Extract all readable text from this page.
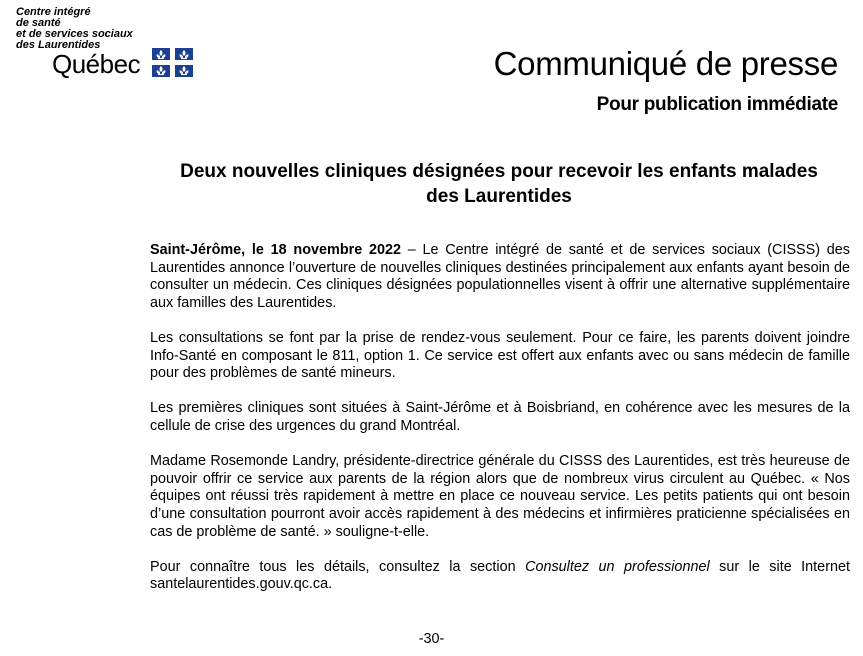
Centre intégré
de santé
et de services sociaux
des Laurentides
Québec	Communiqué de presse
Pour publication immédiate
Deux nouvelles cliniques désignées pour recevoir les enfants malades
des Laurentides

Saint-Jérôme, le 18 novembre 2022 – Le Centre intégré de santé et de services sociaux (CISSS) des Laurentides annonce l’ouverture de nouvelles cliniques destinées principalement aux enfants ayant besoin de consulter un médecin. Ces cliniques désignées populationnelles visent à offrir une alternative supplémentaire aux familles des Laurentides.

Les consultations se font par la prise de rendez-vous seulement. Pour ce faire, les parents doivent joindre Info-Santé en composant le 811, option 1. Ce service est offert aux enfants avec ou sans médecin de famille pour des problèmes de santé mineurs.

Les premières cliniques sont situées à Saint-Jérôme et à Boisbriand, en cohérence avec les mesures de la cellule de crise des urgences du grand Montréal.

Madame Rosemonde Landry, présidente-directrice générale du CISSS des Laurentides, est très heureuse de pouvoir offrir ce service aux parents de la région alors que de nombreux virus circulent au Québec. « Nos équipes ont réussi très rapidement à mettre en place ce nouveau service. Les petits patients qui ont besoin d’une consultation pourront avoir accès rapidement à des médecins et infirmières praticienne spécialisées en cas de problème de santé. » souligne-t-elle.

Pour connaître tous les détails, consultez la section Consultez un professionnel sur le site Internet santelaurentides.gouv.qc.ca.

-30-
